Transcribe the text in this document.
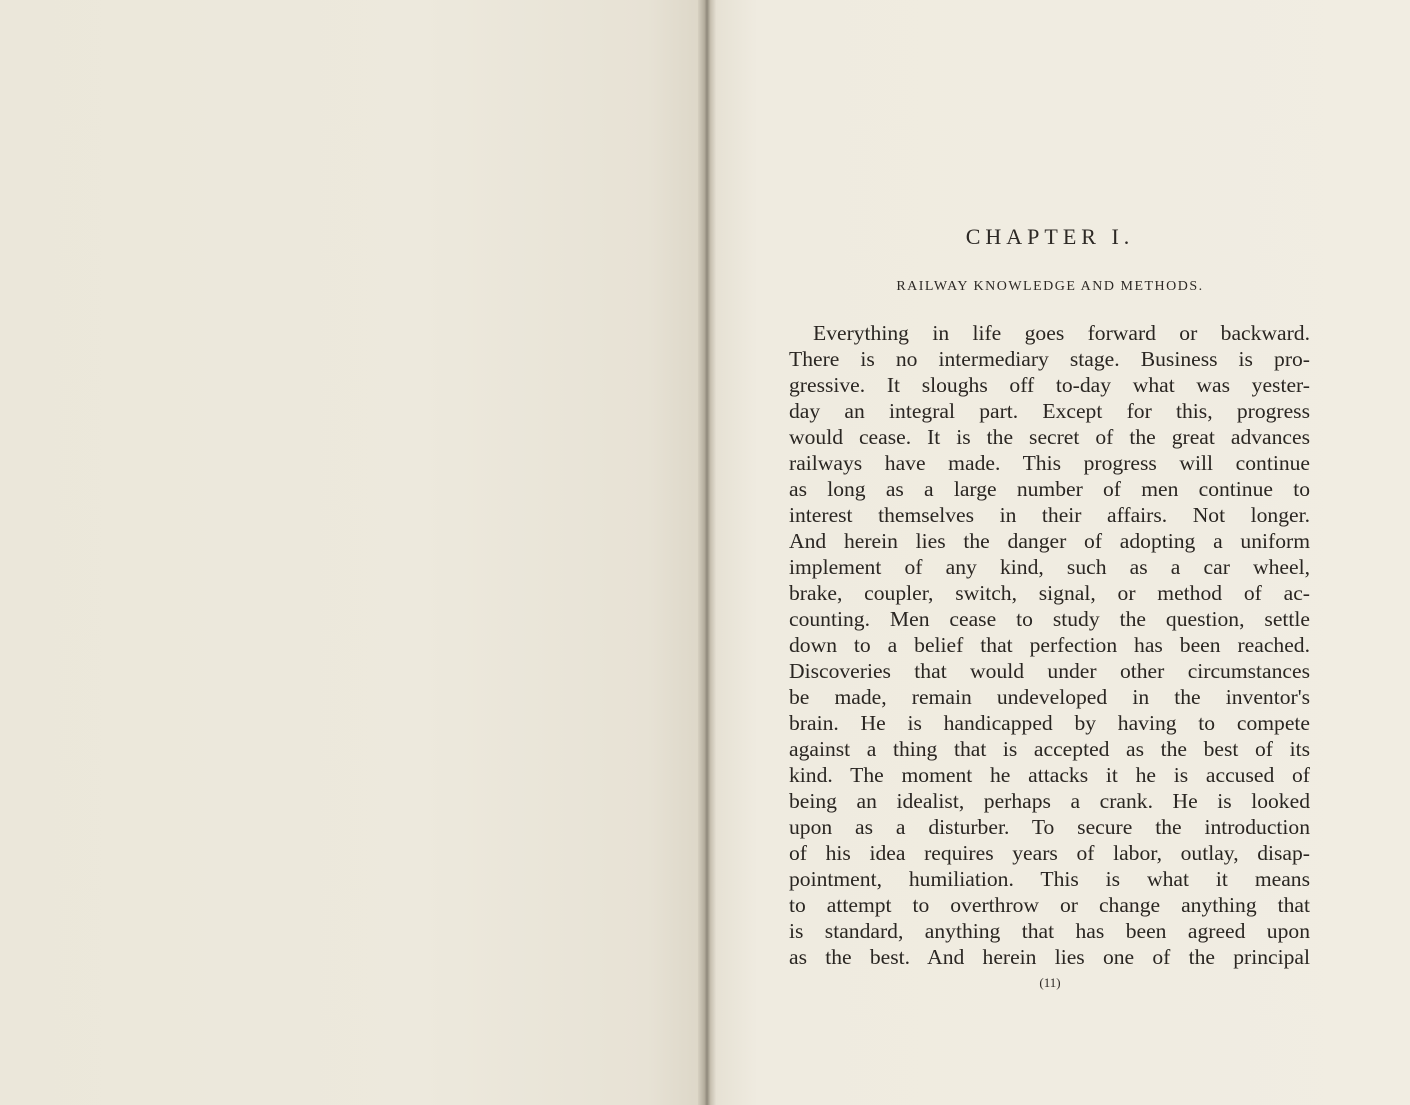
CHAPTER I.
RAILWAY KNOWLEDGE AND METHODS.
Everything in life goes forward or backward.
There is no intermediary stage. Business is pro-
gressive. It sloughs off to-day what was yester-
day an integral part. Except for this, progress
would cease. It is the secret of the great advances
railways have made. This progress will continue
as long as a large number of men continue to
interest themselves in their affairs. Not longer.
And herein lies the danger of adopting a uniform
implement of any kind, such as a car wheel,
brake, coupler, switch, signal, or method of ac-
counting. Men cease to study the question, settle
down to a belief that perfection has been reached.
Discoveries that would under other circumstances
be made, remain undeveloped in the inventor's
brain. He is handicapped by having to compete
against a thing that is accepted as the best of its
kind. The moment he attacks it he is accused of
being an idealist, perhaps a crank. He is looked
upon as a disturber. To secure the introduction
of his idea requires years of labor, outlay, disap-
pointment, humiliation. This is what it means
to attempt to overthrow or change anything that
is standard, anything that has been agreed upon
as the best. And herein lies one of the principal
(11)
